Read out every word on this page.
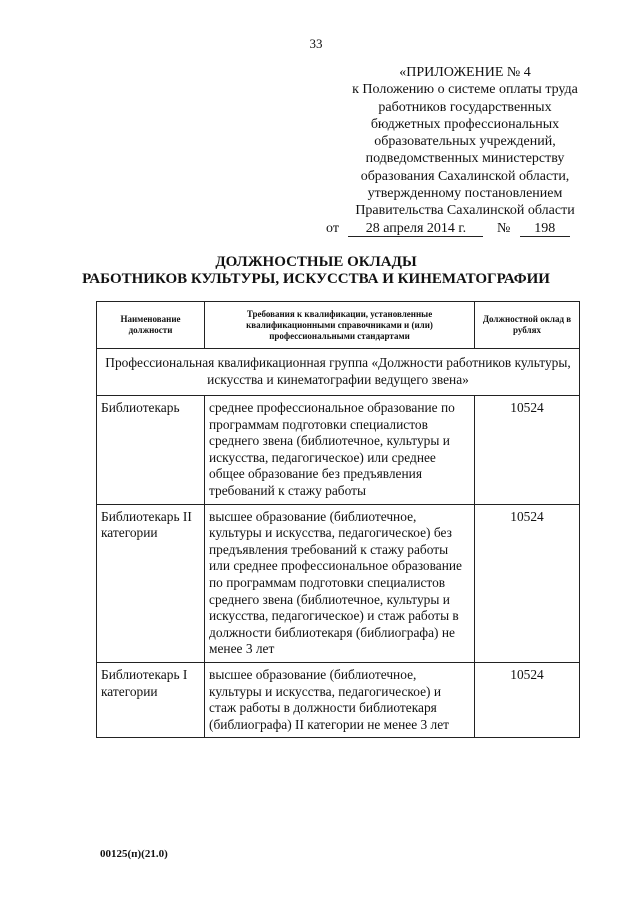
33
«ПРИЛОЖЕНИЕ № 4
к Положению о системе оплаты труда
работников государственных
бюджетных профессиональных
образовательных учреждений,
подведомственных министерству
образования Сахалинской области,
утвержденному постановлением
Правительства Сахалинской области
от 28 апреля 2014 г. № 198
ДОЛЖНОСТНЫЕ ОКЛАДЫ
РАБОТНИКОВ КУЛЬТУРЫ, ИСКУССТВА И КИНЕМАТОГРАФИИ
Наименование должности	Требования к квалификации, установленные квалификационными справочниками и (или) профессиональными стандартами	Должностной оклад в рублях
Профессиональная квалификационная группа «Должности работников культуры, искусства и кинематографии ведущего звена»		
Библиотекарь	среднее профессиональное образование по программам подготовки специалистов среднего звена (библиотечное, культуры и искусства, педагогическое) или среднее общее образование без предъявления требований к стажу работы	10524
Библиотекарь II категории	высшее образование (библиотечное, культуры и искусства, педагогическое) без предъявления требований к стажу работы или среднее профессиональное образование по программам подготовки специалистов среднего звена (библиотечное, культуры и искусства, педагогическое) и стаж работы в должности библиотекаря (библиографа) не менее 3 лет	10524
Библиотекарь I категории	высшее образование (библиотечное, культуры и искусства, педагогическое) и стаж работы в должности библиотекаря (библиографа) II категории не менее 3 лет	10524
00125(п)(21.0)
